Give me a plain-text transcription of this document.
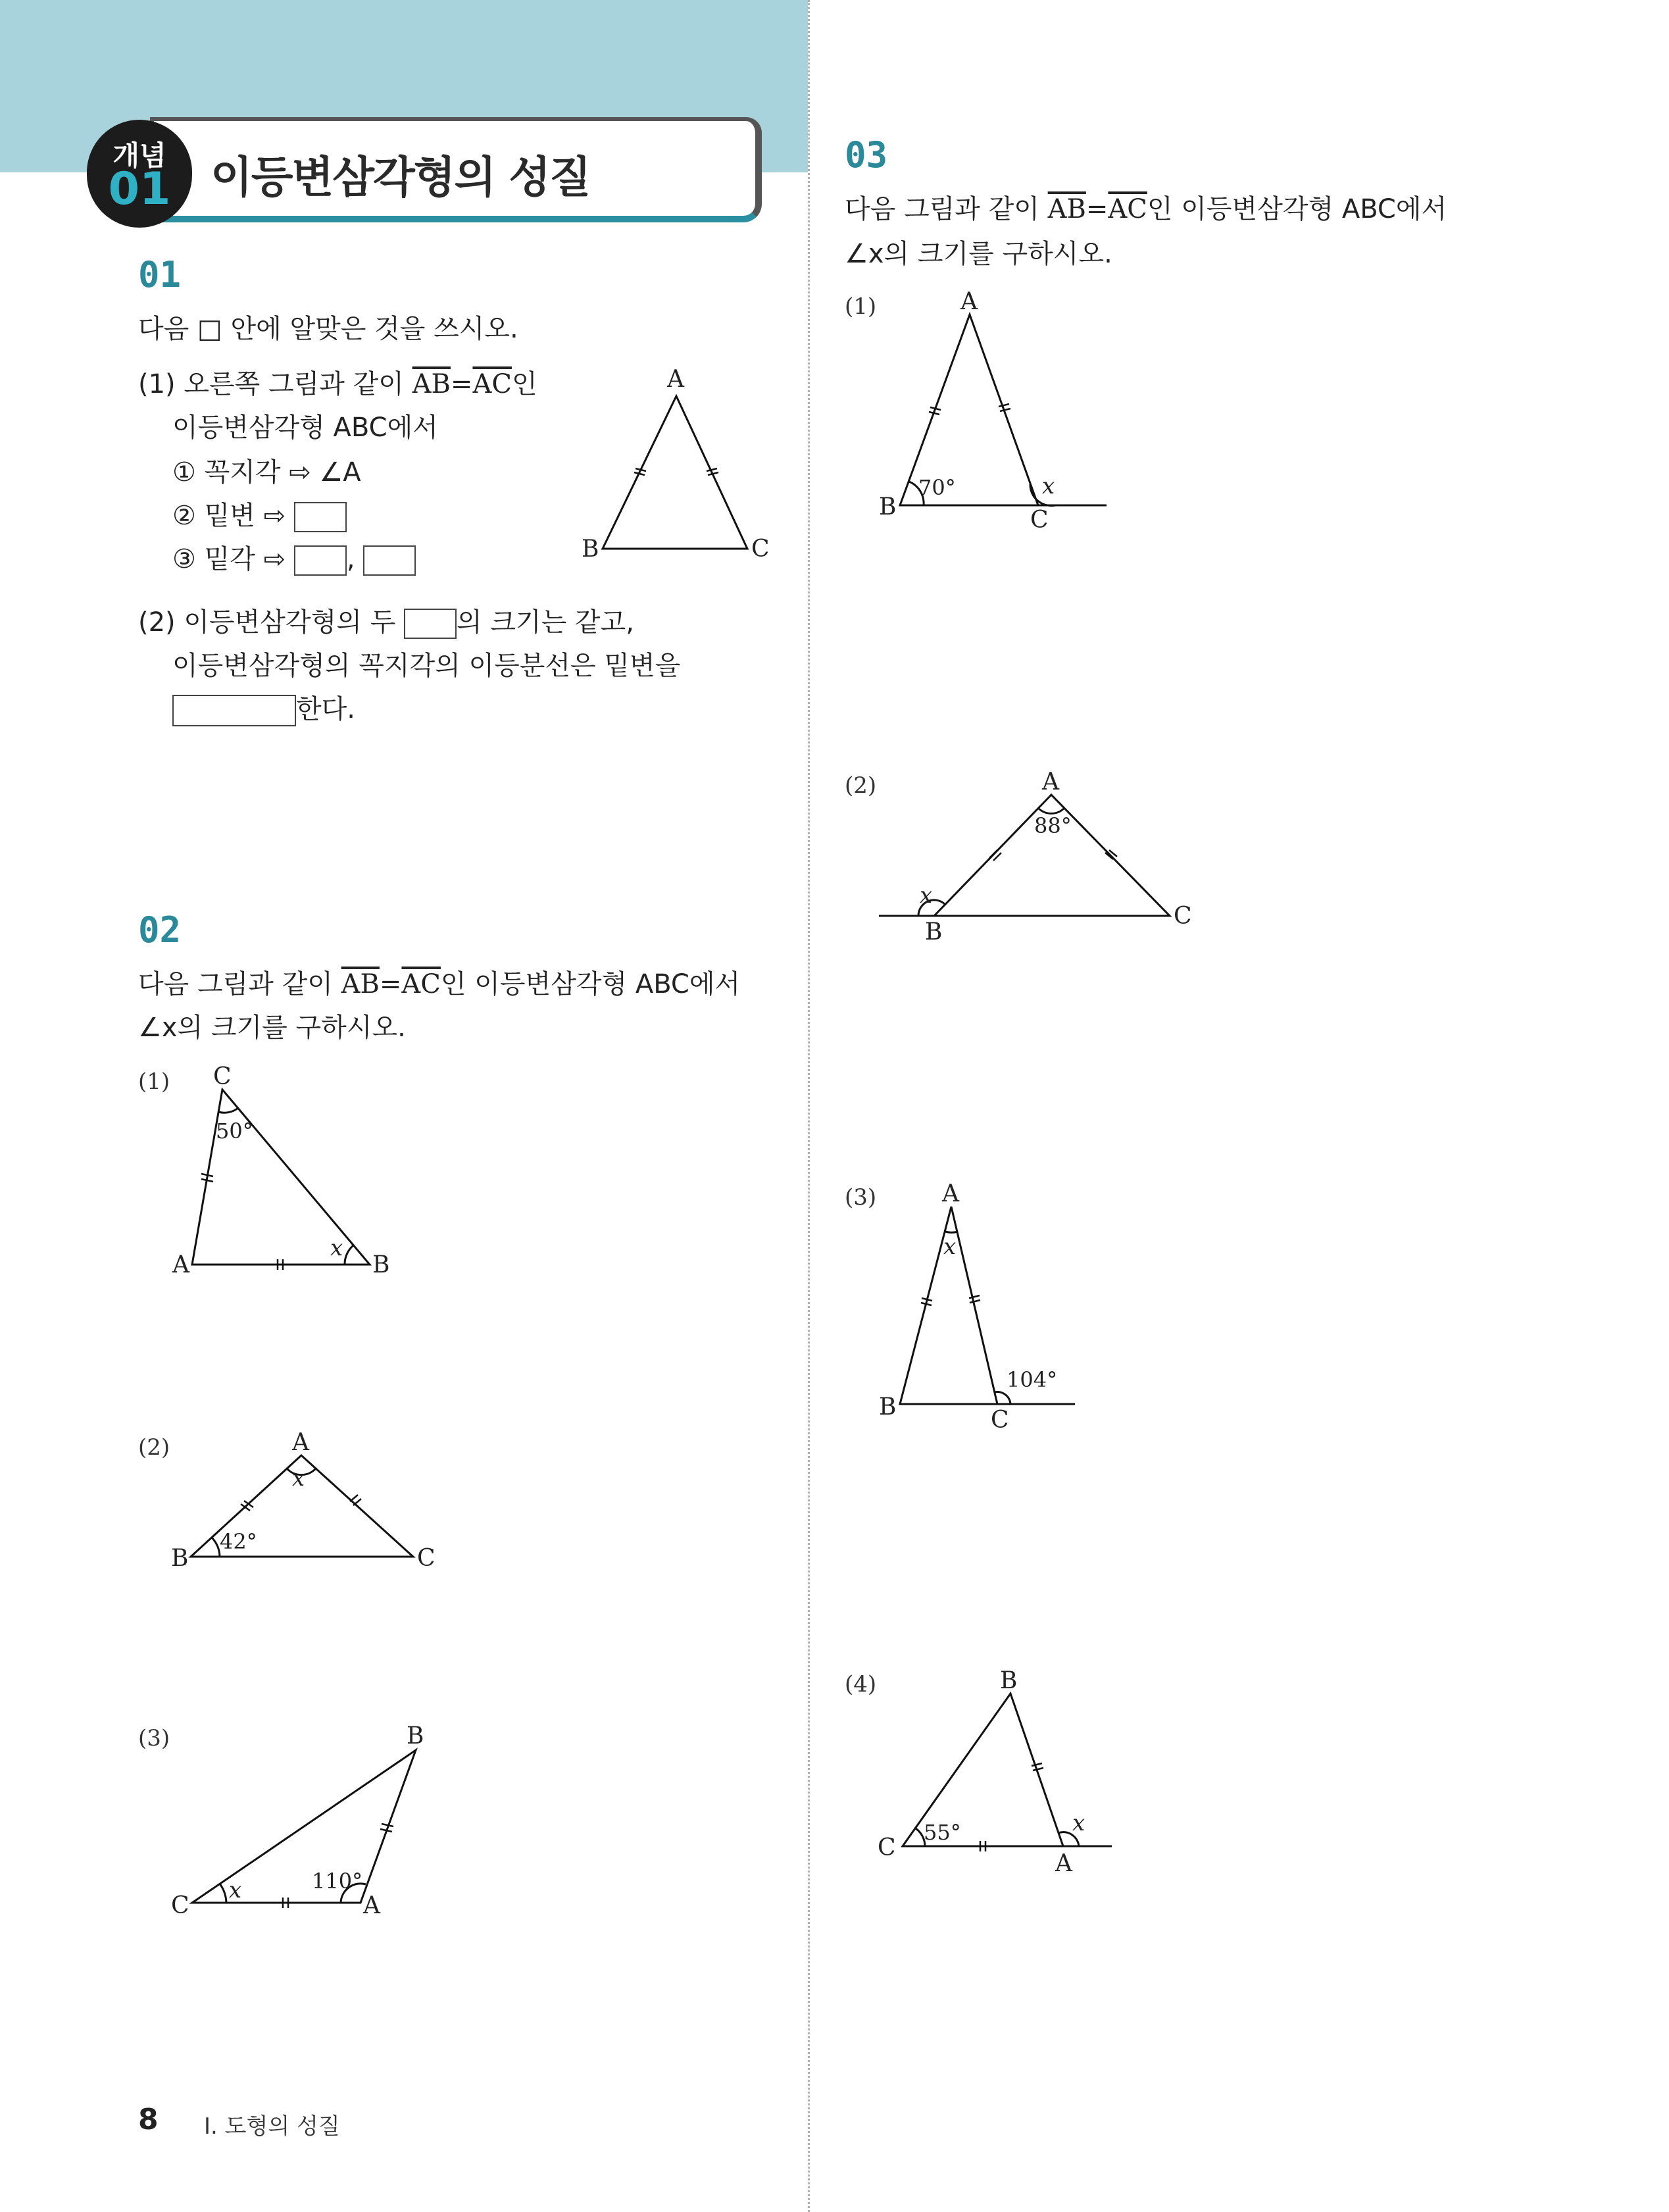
이등변삼각형의 성질
개념
01
01
다음 □ 안에 알맞은 것을 쓰시오.
(1) 오른쪽 그림과 같이 $\overline{AB}=\overline{AC}$인
이등변삼각형 ABC에서
① 꼭지각 ⇨ ∠A
② 밑변 ⇨
③ 밑각 ⇨ ,
(2) 이등변삼각형의 두 의 크기는 같고,
이등변삼각형의 꼭지각의 이등분선은 밑변을
한다.
02
다음 그림과 같이 $\overline{AB}=\overline{AC}$인 이등변삼각형 ABC에서
∠x의 크기를 구하시오.
03
다음 그림과 같이 $\overline{AB}=\overline{AC}$인 이등변삼각형 ABC에서
∠x의 크기를 구하시오.
(1)
(2)
(3)
(1)
(2)
(3)
(4)
A
B	C
C
A	B
50°
x
A
B	C
x
42°
B
C	A
x	110°
A
B	C
70°	x
A
B
C
88°
x
A
B	C
x
104°
B
C
A
55°	x
8 I. 도형의 성질
